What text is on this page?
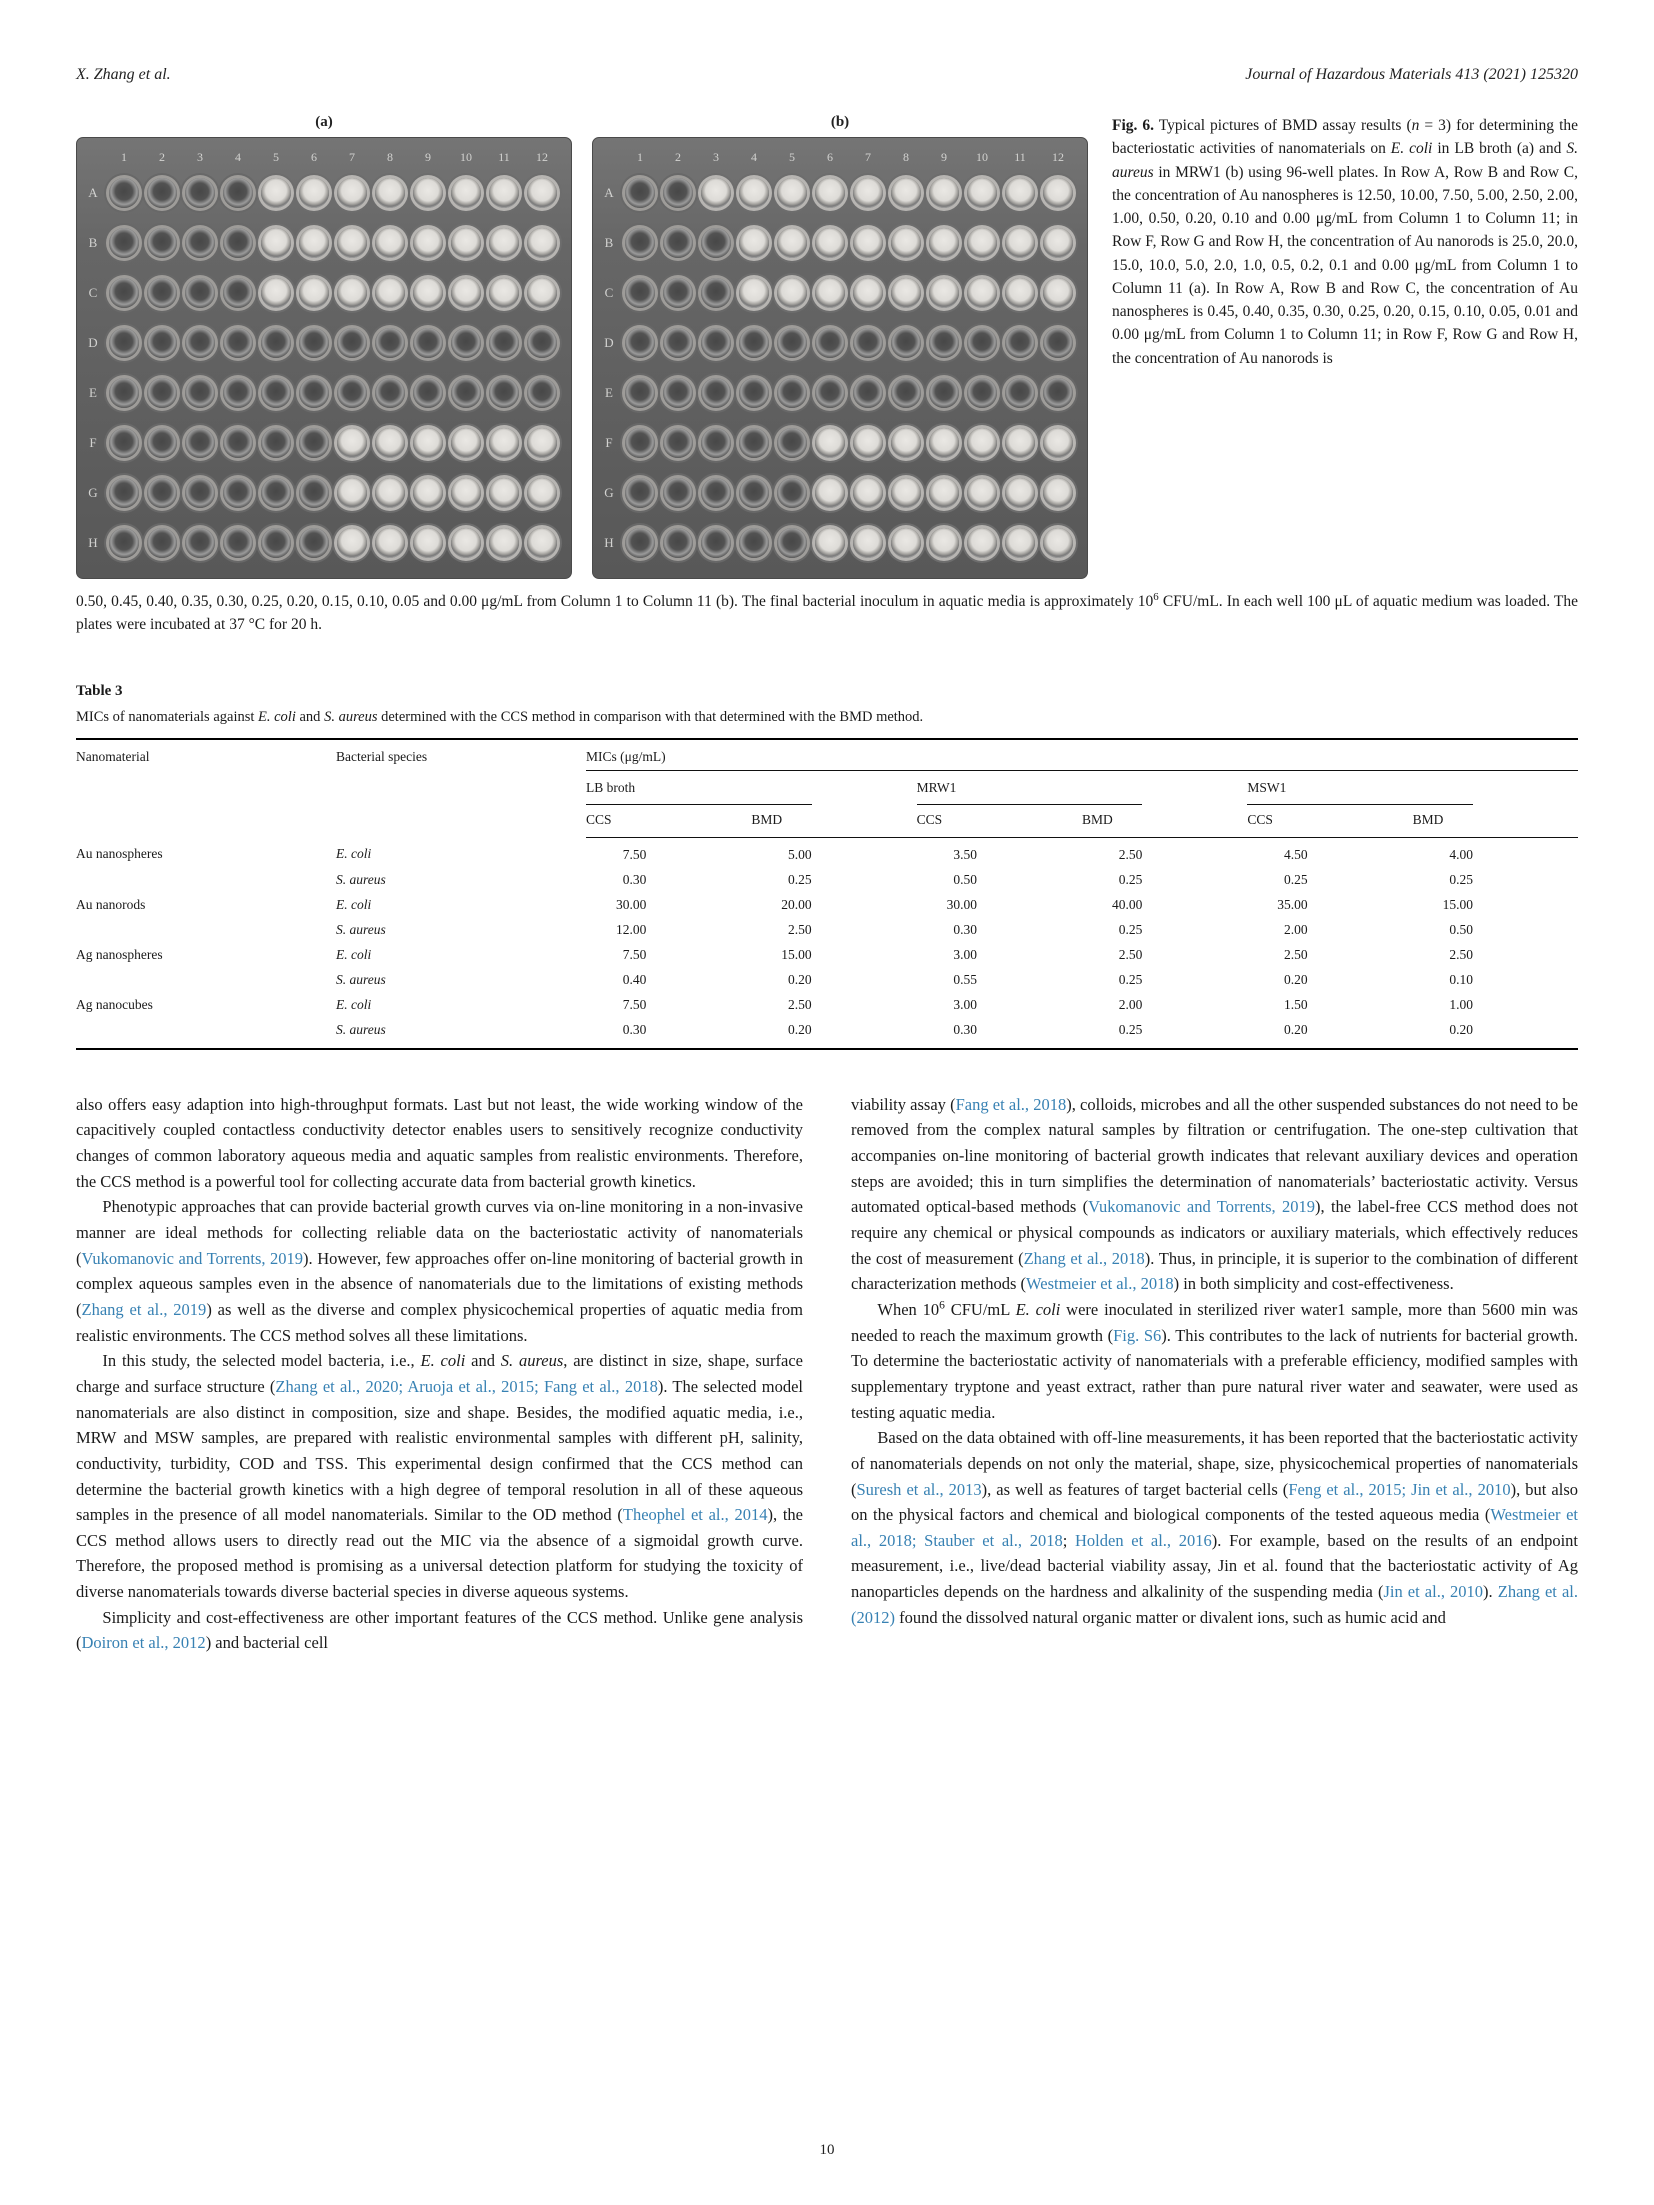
X. Zhang et al.	Journal of Hazardous Materials 413 (2021) 125320
(a)
1	2	3	4	5	6	7	8	9 10 11 12
A
B
C
D
E
F
G
H
(b)
1	2	3	4	5	6	7	8	9 10 11 12
A
B
C
D
E
F
G
H
Fig. 6. Typical pictures of BMD assay results (n = 3) for determining the bacteriostatic activities of nanomaterials on E. coli in LB broth (a) and S. aureus in MRW1 (b) using 96-well plates. In Row A, Row B and Row C, the concentration of Au nanospheres is 12.50, 10.00, 7.50, 5.00, 2.50, 2.00, 1.00, 0.50, 0.20, 0.10 and 0.00 μg/mL from Column 1 to Column 11; in Row F, Row G and Row H, the concentration of Au nanorods is 25.0, 20.0, 15.0, 10.0, 5.0, 2.0, 1.0, 0.5, 0.2, 0.1 and 0.00 μg/mL from Column 1 to Column 11 (a). In Row A, Row B and Row C, the concentration of Au nanospheres is 0.45, 0.40, 0.35, 0.30, 0.25, 0.20, 0.15, 0.10, 0.05, 0.01 and 0.00 μg/mL from Column 1 to Column 11; in Row F, Row G and Row H, the concentration of Au nanorods is
0.50, 0.45, 0.40, 0.35, 0.30, 0.25, 0.20, 0.15, 0.10, 0.05 and 0.00 μg/mL from Column 1 to Column 11 (b). The final bacterial inoculum in aquatic media is approximately $10^6$ CFU/mL. In each well 100 μL of aquatic medium was loaded. The plates were incubated at 37 °C for 20 h.
Table 3
MICs of nanomaterials against E. coli and S. aureus determined with the CCS method in comparison with that determined with the BMD method.
Nanomaterial	Bacterial species	MICs (μg/mL)					

		LB broth		MRW1		MSW1	

		CCS	BMD	CCS	BMD	CCS	BMD
Au nanospheres	E. coli	7.50	5.00	3.50	2.50	4.50	4.00
	S. aureus	0.30	0.25	0.50	0.25	0.25	0.25
Au nanorods	E. coli	30.00	20.00	30.00	40.00	35.00	15.00
	S. aureus	12.00	2.50	0.30	0.25	2.00	0.50
Ag nanospheres	E. coli	7.50	15.00	3.00	2.50	2.50	2.50
	S. aureus	0.40	0.20	0.55	0.25	0.20	0.10
Ag nanocubes	E. coli	7.50	2.50	3.00	2.00	1.50	1.00
	S. aureus	0.30	0.20	0.30	0.25	0.20	0.20

also offers easy adaption into high-throughput formats. Last but not least, the wide working window of the capacitively coupled contactless conductivity detector enables users to sensitively recognize conductivity changes of common laboratory aqueous media and aquatic samples from realistic environments. Therefore, the CCS method is a powerful tool for collecting accurate data from bacterial growth kinetics.

Phenotypic approaches that can provide bacterial growth curves via on-line monitoring in a non-invasive manner are ideal methods for collecting reliable data on the bacteriostatic activity of nanomaterials (Vukomanovic and Torrents, 2019). However, few approaches offer on-line monitoring of bacterial growth in complex aqueous samples even in the absence of nanomaterials due to the limitations of existing methods (Zhang et al., 2019) as well as the diverse and complex physicochemical properties of aquatic media from realistic environments. The CCS method solves all these limitations.

In this study, the selected model bacteria, i.e., E. coli and S. aureus, are distinct in size, shape, surface charge and surface structure (Zhang et al., 2020; Aruoja et al., 2015; Fang et al., 2018). The selected model nanomaterials are also distinct in composition, size and shape. Besides, the modified aquatic media, i.e., MRW and MSW samples, are prepared with realistic environmental samples with different pH, salinity, conductivity, turbidity, COD and TSS. This experimental design confirmed that the CCS method can determine the bacterial growth kinetics with a high degree of temporal resolution in all of these aqueous samples in the presence of all model nanomaterials. Similar to the OD method (Theophel et al., 2014), the CCS method allows users to directly read out the MIC via the absence of a sigmoidal growth curve. Therefore, the proposed method is promising as a universal detection platform for studying the toxicity of diverse nanomaterials towards diverse bacterial species in diverse aqueous systems.

Simplicity and cost-effectiveness are other important features of the CCS method. Unlike gene analysis (Doiron et al., 2012) and bacterial cell

viability assay (Fang et al., 2018), colloids, microbes and all the other suspended substances do not need to be removed from the complex natural samples by filtration or centrifugation. The one-step cultivation that accompanies on-line monitoring of bacterial growth indicates that relevant auxiliary devices and operation steps are avoided; this in turn simplifies the determination of nanomaterials’ bacteriostatic activity. Versus automated optical-based methods (Vukomanovic and Torrents, 2019), the label-free CCS method does not require any chemical or physical compounds as indicators or auxiliary materials, which effectively reduces the cost of measurement (Zhang et al., 2018). Thus, in principle, it is superior to the combination of different characterization methods (Westmeier et al., 2018) in both simplicity and cost-effectiveness.

When $10^6$ CFU/mL E. coli were inoculated in sterilized river water1 sample, more than 5600 min was needed to reach the maximum growth (Fig. S6). This contributes to the lack of nutrients for bacterial growth. To determine the bacteriostatic activity of nanomaterials with a preferable efficiency, modified samples with supplementary tryptone and yeast extract, rather than pure natural river water and seawater, were used as testing aquatic media.

Based on the data obtained with off-line measurements, it has been reported that the bacteriostatic activity of nanomaterials depends on not only the material, shape, size, physicochemical properties of nanomaterials (Suresh et al., 2013), as well as features of target bacterial cells (Feng et al., 2015; Jin et al., 2010), but also on the physical factors and chemical and biological components of the tested aqueous media (Westmeier et al., 2018; Stauber et al., 2018; Holden et al., 2016). For example, based on the results of an endpoint measurement, i.e., live/dead bacterial viability assay, Jin et al. found that the bacteriostatic activity of Ag nanoparticles depends on the hardness and alkalinity of the suspending media (Jin et al., 2010). Zhang et al. (2012) found the dissolved natural organic matter or divalent ions, such as humic acid and

10
